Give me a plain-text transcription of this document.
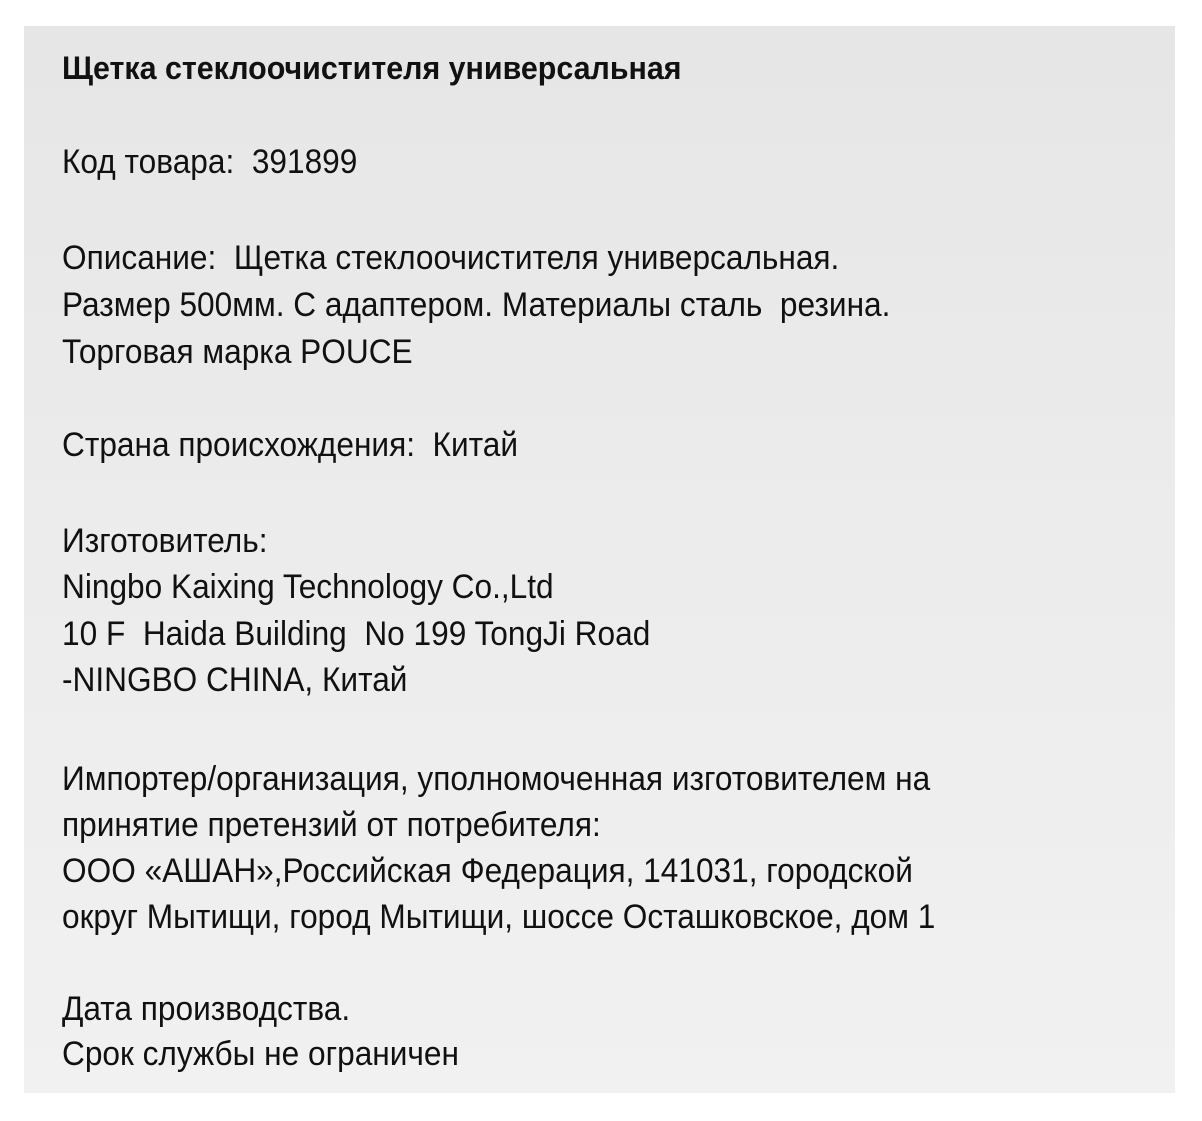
Щетка стеклоочистителя универсальная
Код товара:  391899
Описание:  Щетка стеклоочистителя универсальная.
Размер 500мм. С адаптером. Материалы сталь  резина.
Торговая марка POUCE
Страна происхождения:  Китай
Изготовитель:
Ningbo Kaixing Technology Co.,Ltd
10 F  Haida Building  No 199 TongJi Road
-NINGBO CHINA, Китай
Импортер/организация, уполномоченная изготовителем на
принятие претензий от потребителя:
ООО «АШАН»,Российская Федерация, 141031, городской
округ Мытищи, город Мытищи, шоссе Осташковское, дом 1
Дата производства.
Срок службы не ограничен
